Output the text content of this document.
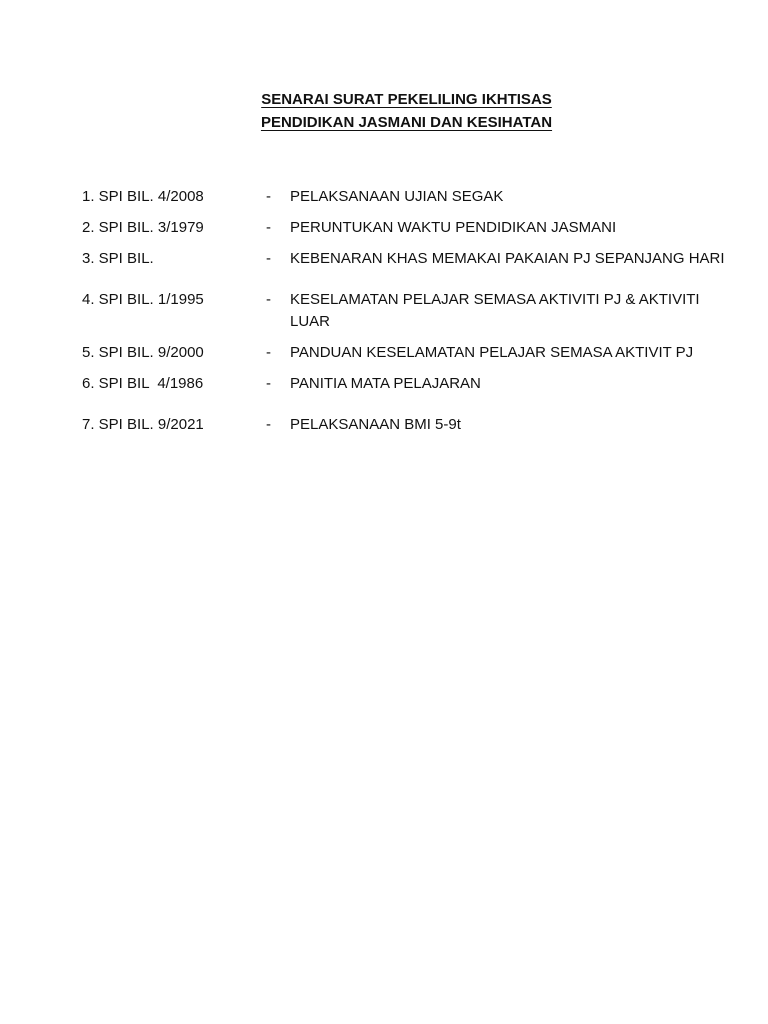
SENARAI SURAT PEKELILING IKHTISAS
PENDIDIKAN JASMANI DAN KESIHATAN
1. SPI BIL. 4/2008	- PELAKSANAAN UJIAN SEGAK
2. SPI BIL. 3/1979	- PERUNTUKAN WAKTU PENDIDIKAN JASMANI
3. SPI BIL.	- KEBENARAN KHAS MEMAKAI PAKAIAN PJ SEPANJANG HARI
4. SPI BIL. 1/1995	- KESELAMATAN PELAJAR SEMASA AKTIVITI PJ & AKTIVITI
LUAR
5. SPI BIL. 9/2000	- PANDUAN KESELAMATAN PELAJAR SEMASA AKTIVIT PJ
6. SPI BIL  4/1986	- PANITIA MATA PELAJARAN
7. SPI BIL. 9/2021	- PELAKSANAAN BMI 5-9t
